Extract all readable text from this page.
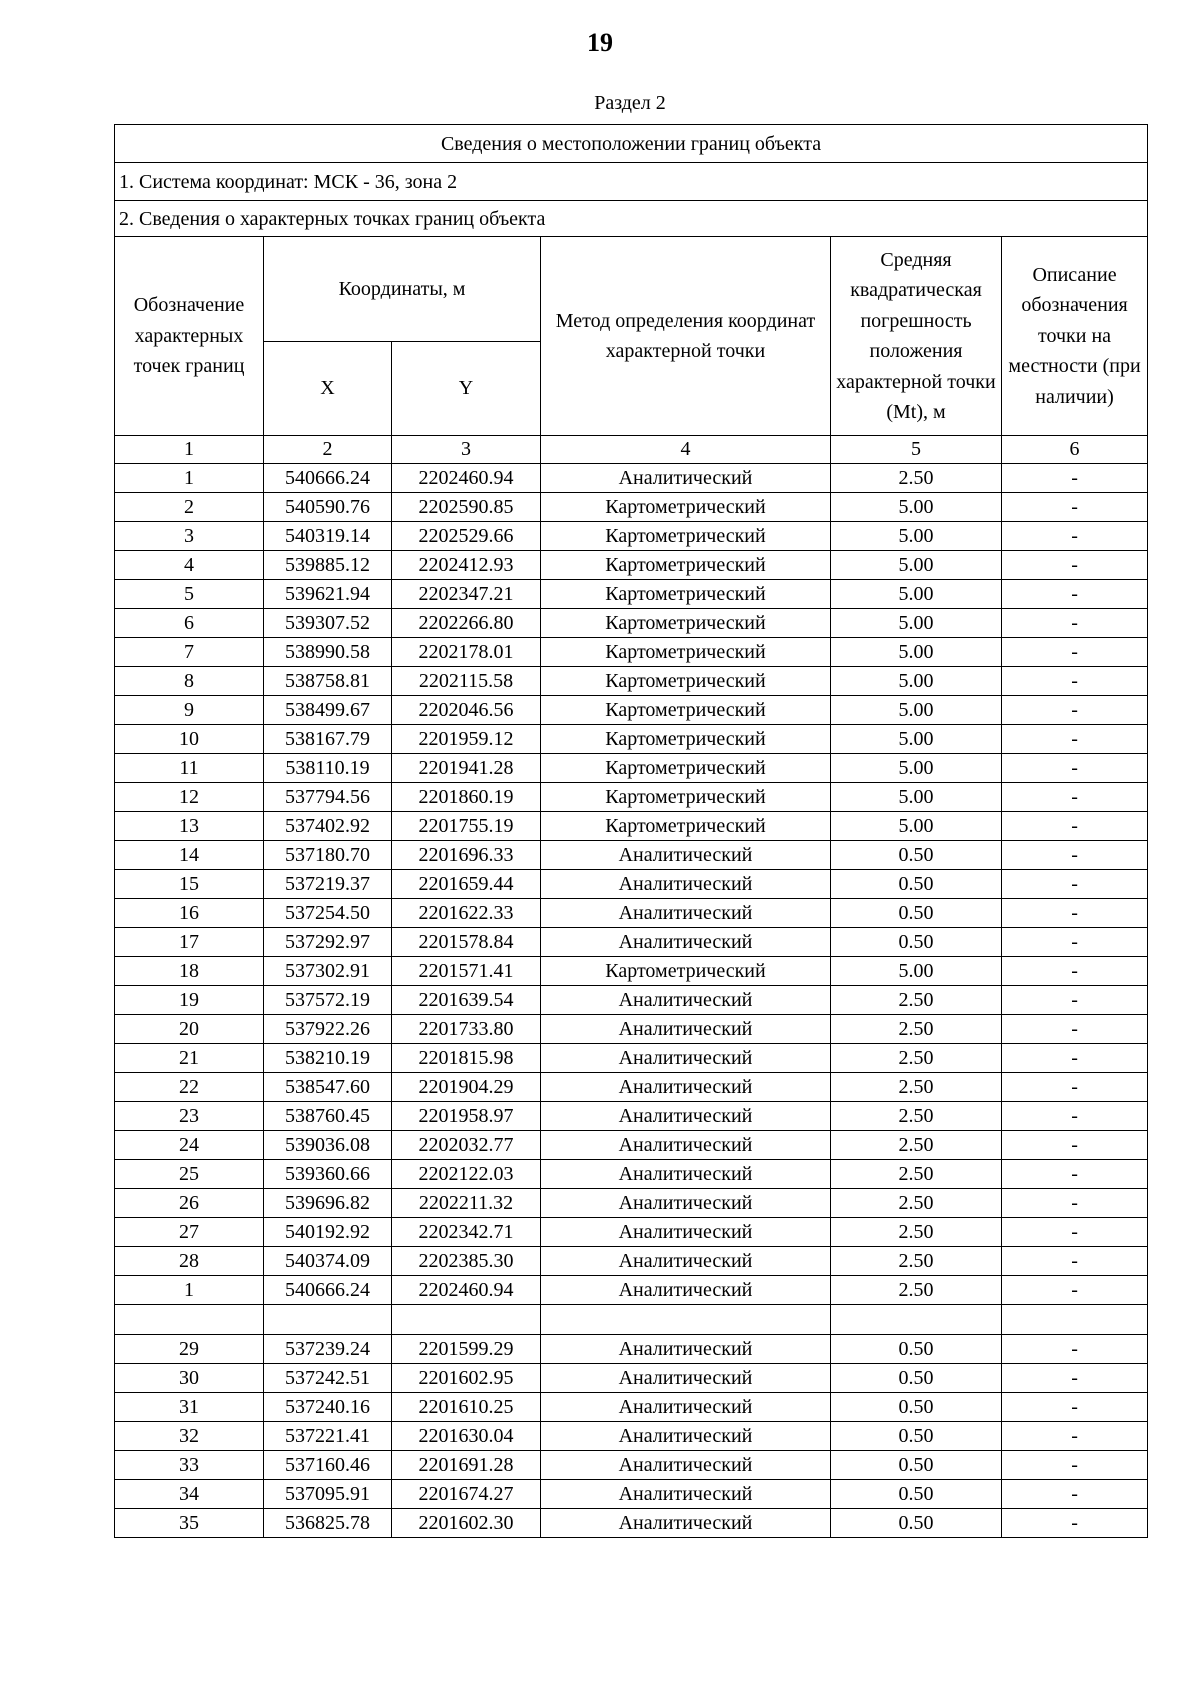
19
Раздел 2
Сведения о местоположении границ объекта					
1. Система координат: МСК - 36, зона 2					
2. Сведения о характерных точках границ объекта					
Обозначение характерных точек границ	Координаты, м		Метод определения координат характерной точки	Средняя квадратическая погрешность положения характерной точки (Mt), м	Описание обозначения точки на местности (при наличии)
	X	Y			
1	2	3	4	5	6
1	540666.24	2202460.94	Аналитический	2.50	-
2	540590.76	2202590.85	Картометрический	5.00	-
3	540319.14	2202529.66	Картометрический	5.00	-
4	539885.12	2202412.93	Картометрический	5.00	-
5	539621.94	2202347.21	Картометрический	5.00	-
6	539307.52	2202266.80	Картометрический	5.00	-
7	538990.58	2202178.01	Картометрический	5.00	-
8	538758.81	2202115.58	Картометрический	5.00	-
9	538499.67	2202046.56	Картометрический	5.00	-
10	538167.79	2201959.12	Картометрический	5.00	-
11	538110.19	2201941.28	Картометрический	5.00	-
12	537794.56	2201860.19	Картометрический	5.00	-
13	537402.92	2201755.19	Картометрический	5.00	-
14	537180.70	2201696.33	Аналитический	0.50	-
15	537219.37	2201659.44	Аналитический	0.50	-
16	537254.50	2201622.33	Аналитический	0.50	-
17	537292.97	2201578.84	Аналитический	0.50	-
18	537302.91	2201571.41	Картометрический	5.00	-
19	537572.19	2201639.54	Аналитический	2.50	-
20	537922.26	2201733.80	Аналитический	2.50	-
21	538210.19	2201815.98	Аналитический	2.50	-
22	538547.60	2201904.29	Аналитический	2.50	-
23	538760.45	2201958.97	Аналитический	2.50	-
24	539036.08	2202032.77	Аналитический	2.50	-
25	539360.66	2202122.03	Аналитический	2.50	-
26	539696.82	2202211.32	Аналитический	2.50	-
27	540192.92	2202342.71	Аналитический	2.50	-
28	540374.09	2202385.30	Аналитический	2.50	-
1	540666.24	2202460.94	Аналитический	2.50	-

29	537239.24	2201599.29	Аналитический	0.50	-
30	537242.51	2201602.95	Аналитический	0.50	-
31	537240.16	2201610.25	Аналитический	0.50	-
32	537221.41	2201630.04	Аналитический	0.50	-
33	537160.46	2201691.28	Аналитический	0.50	-
34	537095.91	2201674.27	Аналитический	0.50	-
35	536825.78	2201602.30	Аналитический	0.50	-
